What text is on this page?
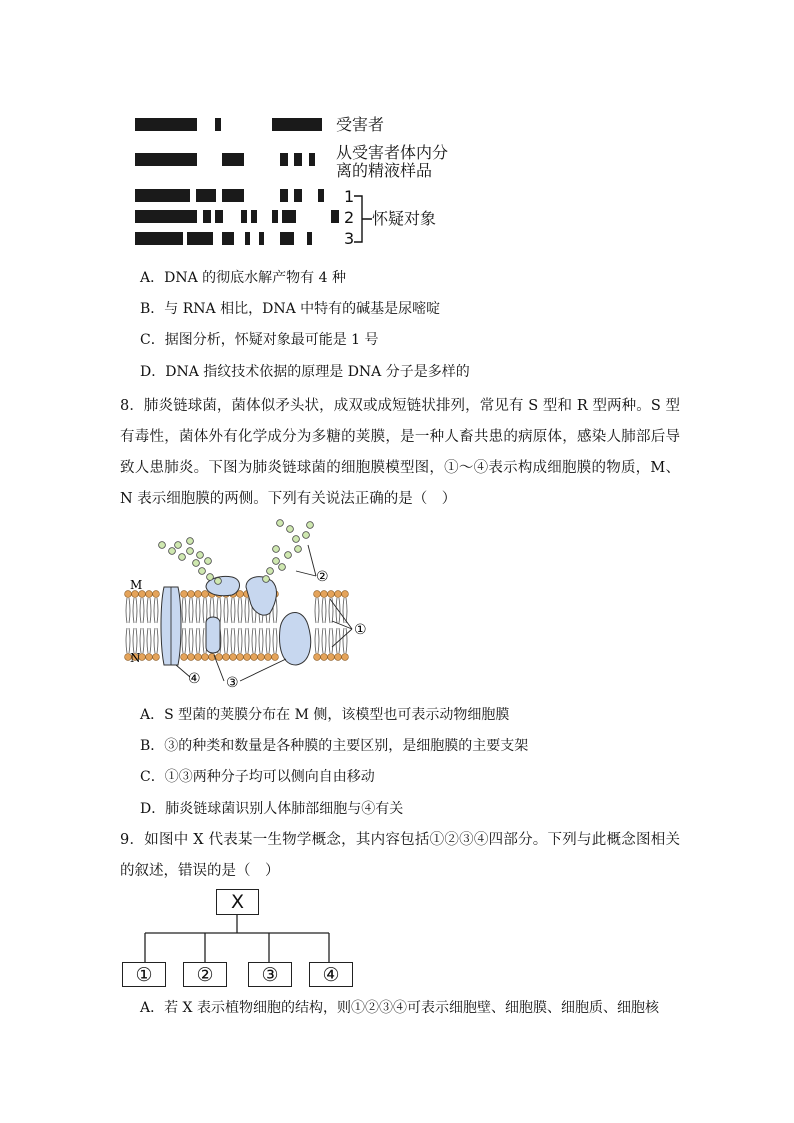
受害者
从受害者体内分
离的精液样品
1
2
3
怀疑对象
A．DNA 的彻底水解产物有 4 种
B．与 RNA 相比，DNA 中特有的碱基是尿嘧啶
C．据图分析，怀疑对象最可能是 1 号
D．DNA 指纹技术依据的原理是 DNA 分子是多样的
8．肺炎链球菌，菌体似矛头状，成双或成短链状排列，常见有 S 型和 R 型两种。S 型有毒性，菌体外有化学成分为多糖的荚膜，是一种人畜共患的病原体，感染人肺部后导致人患肺炎。下图为肺炎链球菌的细胞膜模型图，①～④表示构成细胞膜的物质，M、N 表示细胞膜的两侧。下列有关说法正确的是（　）
M
N
①
②
③
④
A．S 型菌的荚膜分布在 M 侧，该模型也可表示动物细胞膜
B．③的种类和数量是各种膜的主要区别，是细胞膜的主要支架
C．①③两种分子均可以侧向自由移动
D．肺炎链球菌识别人体肺部细胞与④有关
9．如图中 X 代表某一生物学概念，其内容包括①②③④四部分。下列与此概念图相关的叙述，错误的是（　）
X
①	②	③	④
A．若 X 表示植物细胞的结构，则①②③④可表示细胞壁、细胞膜、细胞质、细胞核
